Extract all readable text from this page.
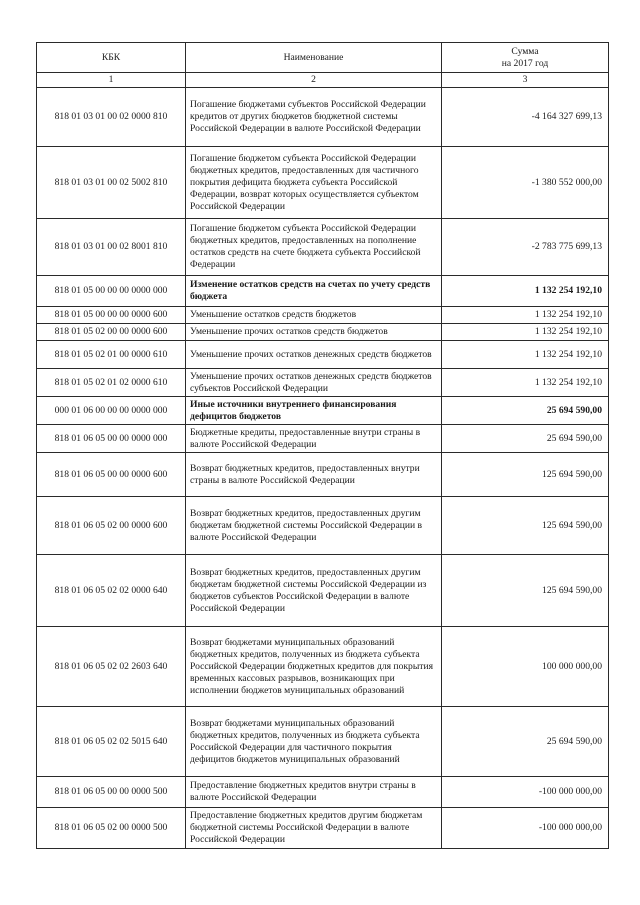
КБК	Наименование	Сумма
на 2017 год
1	2	3
818 01 03 01 00 02 0000 810	Погашение бюджетами субъектов Российской Федерации кредитов от других бюджетов бюджетной системы Российской Федерации в валюте Российской Федерации	-4 164 327 699,13
818 01 03 01 00 02 5002 810	Погашение бюджетом субъекта Российской Федерации бюджетных кредитов, предоставленных для частичного покрытия дефицита бюджета субъекта Российской Федерации, возврат которых осуществляется субъектом Российской Федерации	-1 380 552 000,00
818 01 03 01 00 02 8001 810	Погашение бюджетом субъекта Российской Федерации бюджетных кредитов, предоставленных на пополнение остатков средств на счете бюджета субъекта Российской Федерации	-2 783 775 699,13
818 01 05 00 00 00 0000 000	Изменение остатков средств на счетах по учету средств бюджета	1 132 254 192,10
818 01 05 00 00 00 0000 600	Уменьшение остатков средств бюджетов	1 132 254 192,10
818 01 05 02 00 00 0000 600	Уменьшение прочих остатков средств бюджетов	1 132 254 192,10
818 01 05 02 01 00 0000 610	Уменьшение прочих остатков денежных средств бюджетов	1 132 254 192,10
818 01 05 02 01 02 0000 610	Уменьшение прочих остатков денежных средств бюджетов субъектов Российской Федерации	1 132 254 192,10
000 01 06 00 00 00 0000 000	Иные источники внутреннего финансирования дефицитов бюджетов	25 694 590,00
818 01 06 05 00 00 0000 000	Бюджетные кредиты, предоставленные внутри страны в валюте Российской Федерации	25 694 590,00
818 01 06 05 00 00 0000 600	Возврат бюджетных кредитов, предоставленных внутри страны в валюте Российской Федерации	125 694 590,00
818 01 06 05 02 00 0000 600	Возврат бюджетных кредитов, предоставленных другим бюджетам бюджетной системы Российской Федерации в валюте Российской Федерации	125 694 590,00
818 01 06 05 02 02 0000 640	Возврат бюджетных кредитов, предоставленных другим бюджетам бюджетной системы Российской Федерации из бюджетов субъектов Российской Федерации в валюте Российской Федерации	125 694 590,00
818 01 06 05 02 02 2603 640	Возврат бюджетами муниципальных образований бюджетных кредитов, полученных из бюджета субъекта Российской Федерации бюджетных кредитов для покрытия временных кассовых разрывов, возникающих при исполнении бюджетов муниципальных образований	100 000 000,00
818 01 06 05 02 02 5015 640	Возврат бюджетами муниципальных образований бюджетных кредитов, полученных из бюджета субъекта Российской Федерации для частичного покрытия дефицитов бюджетов муниципальных образований	25 694 590,00
818 01 06 05 00 00 0000 500	Предоставление бюджетных кредитов внутри страны в валюте Российской Федерации	-100 000 000,00
818 01 06 05 02 00 0000 500	Предоставление бюджетных кредитов другим бюджетам бюджетной системы Российской Федерации в валюте Российской Федерации	-100 000 000,00
